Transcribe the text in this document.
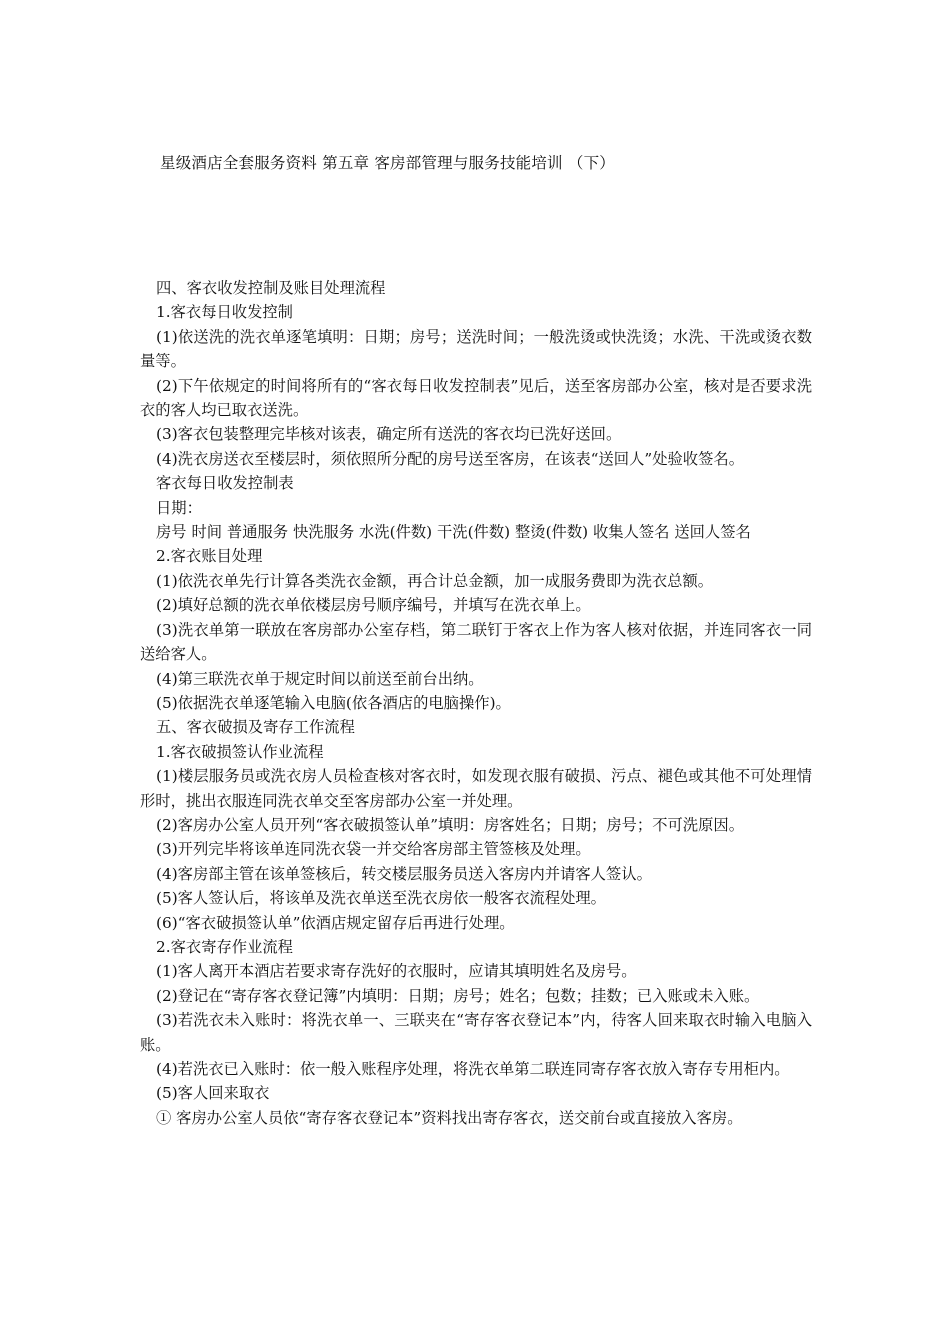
星级酒店全套服务资料 第五章 客房部管理与服务技能培训 （下）

四、客衣收发控制及账目处理流程

1.客衣每日收发控制

(1)依送洗的洗衣单逐笔填明：日期；房号；送洗时间；一般洗烫或快洗烫；水洗、干洗或烫衣数量等。

(2)下午依规定的时间将所有的“客衣每日收发控制表”见后，送至客房部办公室，核对是否要求洗衣的客人均已取衣送洗。

(3)客衣包装整理完毕核对该表，确定所有送洗的客衣均已洗好送回。

(4)洗衣房送衣至楼层时，须依照所分配的房号送至客房，在该表“送回人”处验收签名。

客衣每日收发控制表

日期：

房号 时间 普通服务 快洗服务 水洗(件数) 干洗(件数) 整烫(件数) 收集人签名 送回人签名

2.客衣账目处理

(1)依洗衣单先行计算各类洗衣金额，再合计总金额，加一成服务费即为洗衣总额。

(2)填好总额的洗衣单依楼层房号顺序编号，并填写在洗衣单上。

(3)洗衣单第一联放在客房部办公室存档，第二联钉于客衣上作为客人核对依据，并连同客衣一同送给客人。

(4)第三联洗衣单于规定时间以前送至前台出纳。

(5)依据洗衣单逐笔输入电脑(依各酒店的电脑操作)。

五、客衣破损及寄存工作流程

1.客衣破损签认作业流程

(1)楼层服务员或洗衣房人员检查核对客衣时，如发现衣服有破损、污点、褪色或其他不可处理情形时，挑出衣服连同洗衣单交至客房部办公室一并处理。

(2)客房办公室人员开列“客衣破损签认单”填明：房客姓名；日期；房号；不可洗原因。

(3)开列完毕将该单连同洗衣袋一并交给客房部主管签核及处理。

(4)客房部主管在该单签核后，转交楼层服务员送入客房内并请客人签认。

(5)客人签认后，将该单及洗衣单送至洗衣房依一般客衣流程处理。

(6)“客衣破损签认单”依酒店规定留存后再进行处理。

2.客衣寄存作业流程

(1)客人离开本酒店若要求寄存洗好的衣服时，应请其填明姓名及房号。

(2)登记在“寄存客衣登记簿”内填明：日期；房号；姓名；包数；挂数；已入账或未入账。

(3)若洗衣未入账时：将洗衣单一、三联夹在“寄存客衣登记本”内，待客人回来取衣时输入电脑入账。

(4)若洗衣已入账时：依一般入账程序处理，将洗衣单第二联连同寄存客衣放入寄存专用柜内。

(5)客人回来取衣

① 客房办公室人员依“寄存客衣登记本”资料找出寄存客衣，送交前台或直接放入客房。
